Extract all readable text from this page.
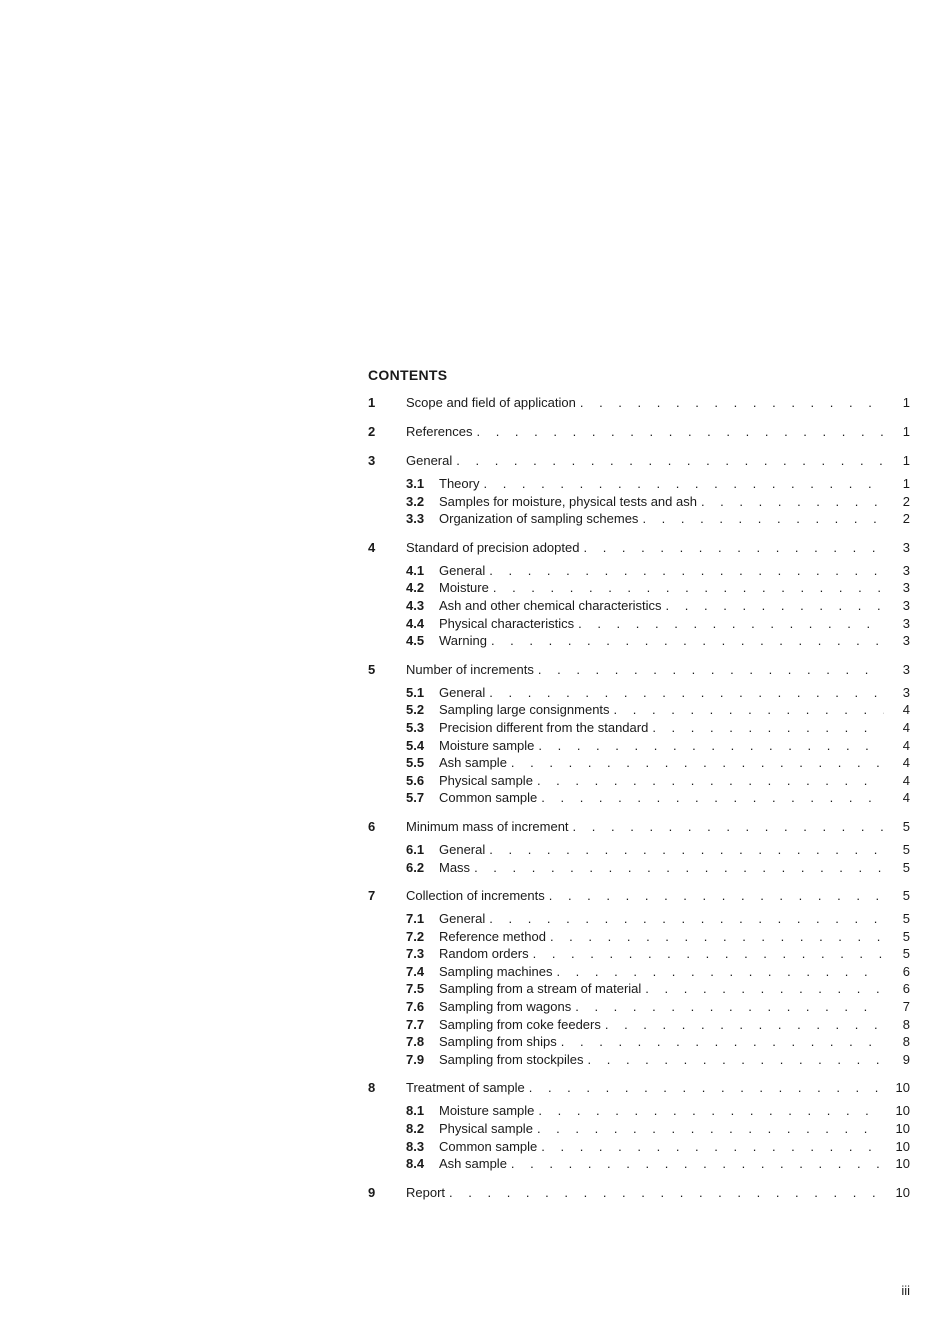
CONTENTS
1	Scope and field of application . . .	1
2	References . . .	1
3	General . . .	1
3.1	Theory . . .	1
3.2	Samples for moisture, physical tests and ash . . .	2
3.3	Organization of sampling schemes . . .	2
4	Standard of precision adopted . . .	3
4.1	General . . .	3
4.2	Moisture . . .	3
4.3	Ash and other chemical characteristics . . .	3
4.4	Physical characteristics . . .	3
4.5	Warning . . .	3
5	Number of increments . . .	3
5.1	General . . .	3
5.2	Sampling large consignments . . .	4
5.3	Precision different from the standard . . .	4
5.4	Moisture sample . . .	4
5.5	Ash sample . . .	4
5.6	Physical sample . . .	4
5.7	Common sample . . .	4
6	Minimum mass of increment . . .	5
6.1	General . . .	5
6.2	Mass . . .	5
7	Collection of increments . . .	5
7.1	General . . .	5
7.2	Reference method . . .	5
7.3	Random orders . . .	5
7.4	Sampling machines . . .	6
7.5	Sampling from a stream of material . . .	6
7.6	Sampling from wagons . . .	7
7.7	Sampling from coke feeders . . .	8
7.8	Sampling from ships . . .	8
7.9	Sampling from stockpiles . . .	9
8	Treatment of sample . . .	10
8.1	Moisture sample . . .	10
8.2	Physical sample . . .	10
8.3	Common sample . . .	10
8.4	Ash sample . . .	10
9	Report . . .	10
iii
